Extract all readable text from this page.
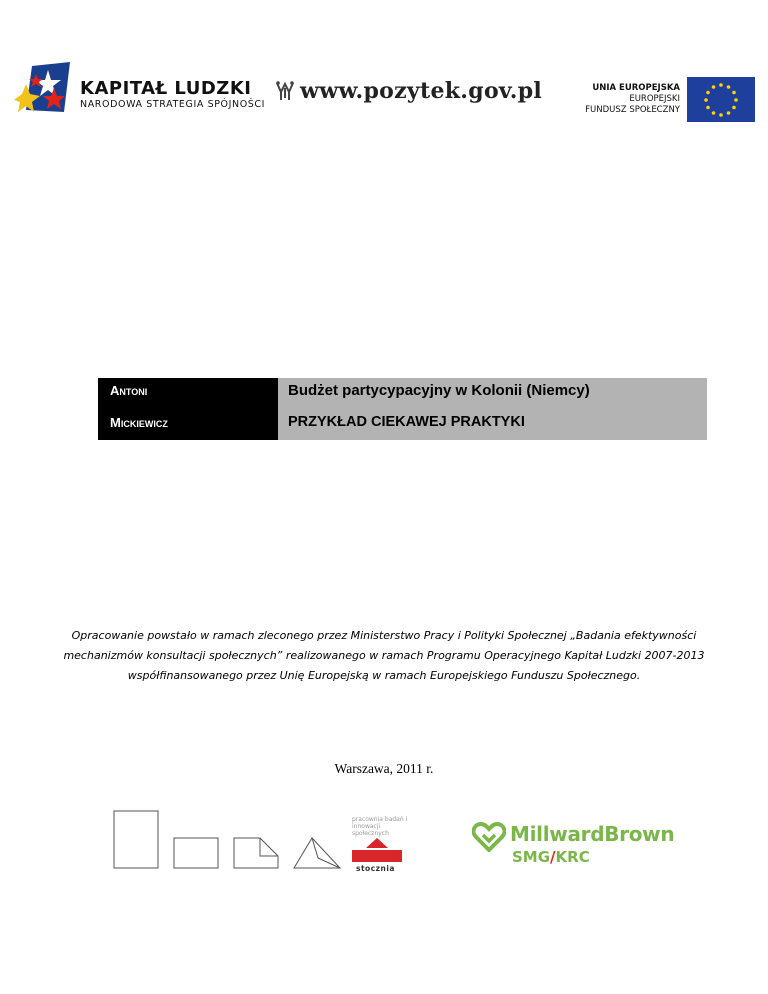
KAPITAŁ LUDZKI
NARODOWA STRATEGIA SPÓJNOŚCI
www.pozytek.gov.pl	UNIA EUROPEJSKA
EUROPEJSKI
FUNDUSZ SPOŁECZNY
Antoni
Mickiewicz
Budżet partycypacyjny w Kolonii (Niemcy)
PRZYKŁAD CIEKAWEJ PRAKTYKI
Opracowanie powstało w ramach zleconego przez Ministerstwo Pracy i Polityki Społecznej „Badania efektywności
mechanizmów konsultacji społecznych” realizowanego w ramach Programu Operacyjnego Kapitał Ludzki 2007-2013
współfinansowanego przez Unię Europejską w ramach Europejskiego Funduszu Społecznego.
Warszawa, 2011 r.
pracownia badań i innowacji społecznych
stocznia
MillwardBrown
SMG/KRC
